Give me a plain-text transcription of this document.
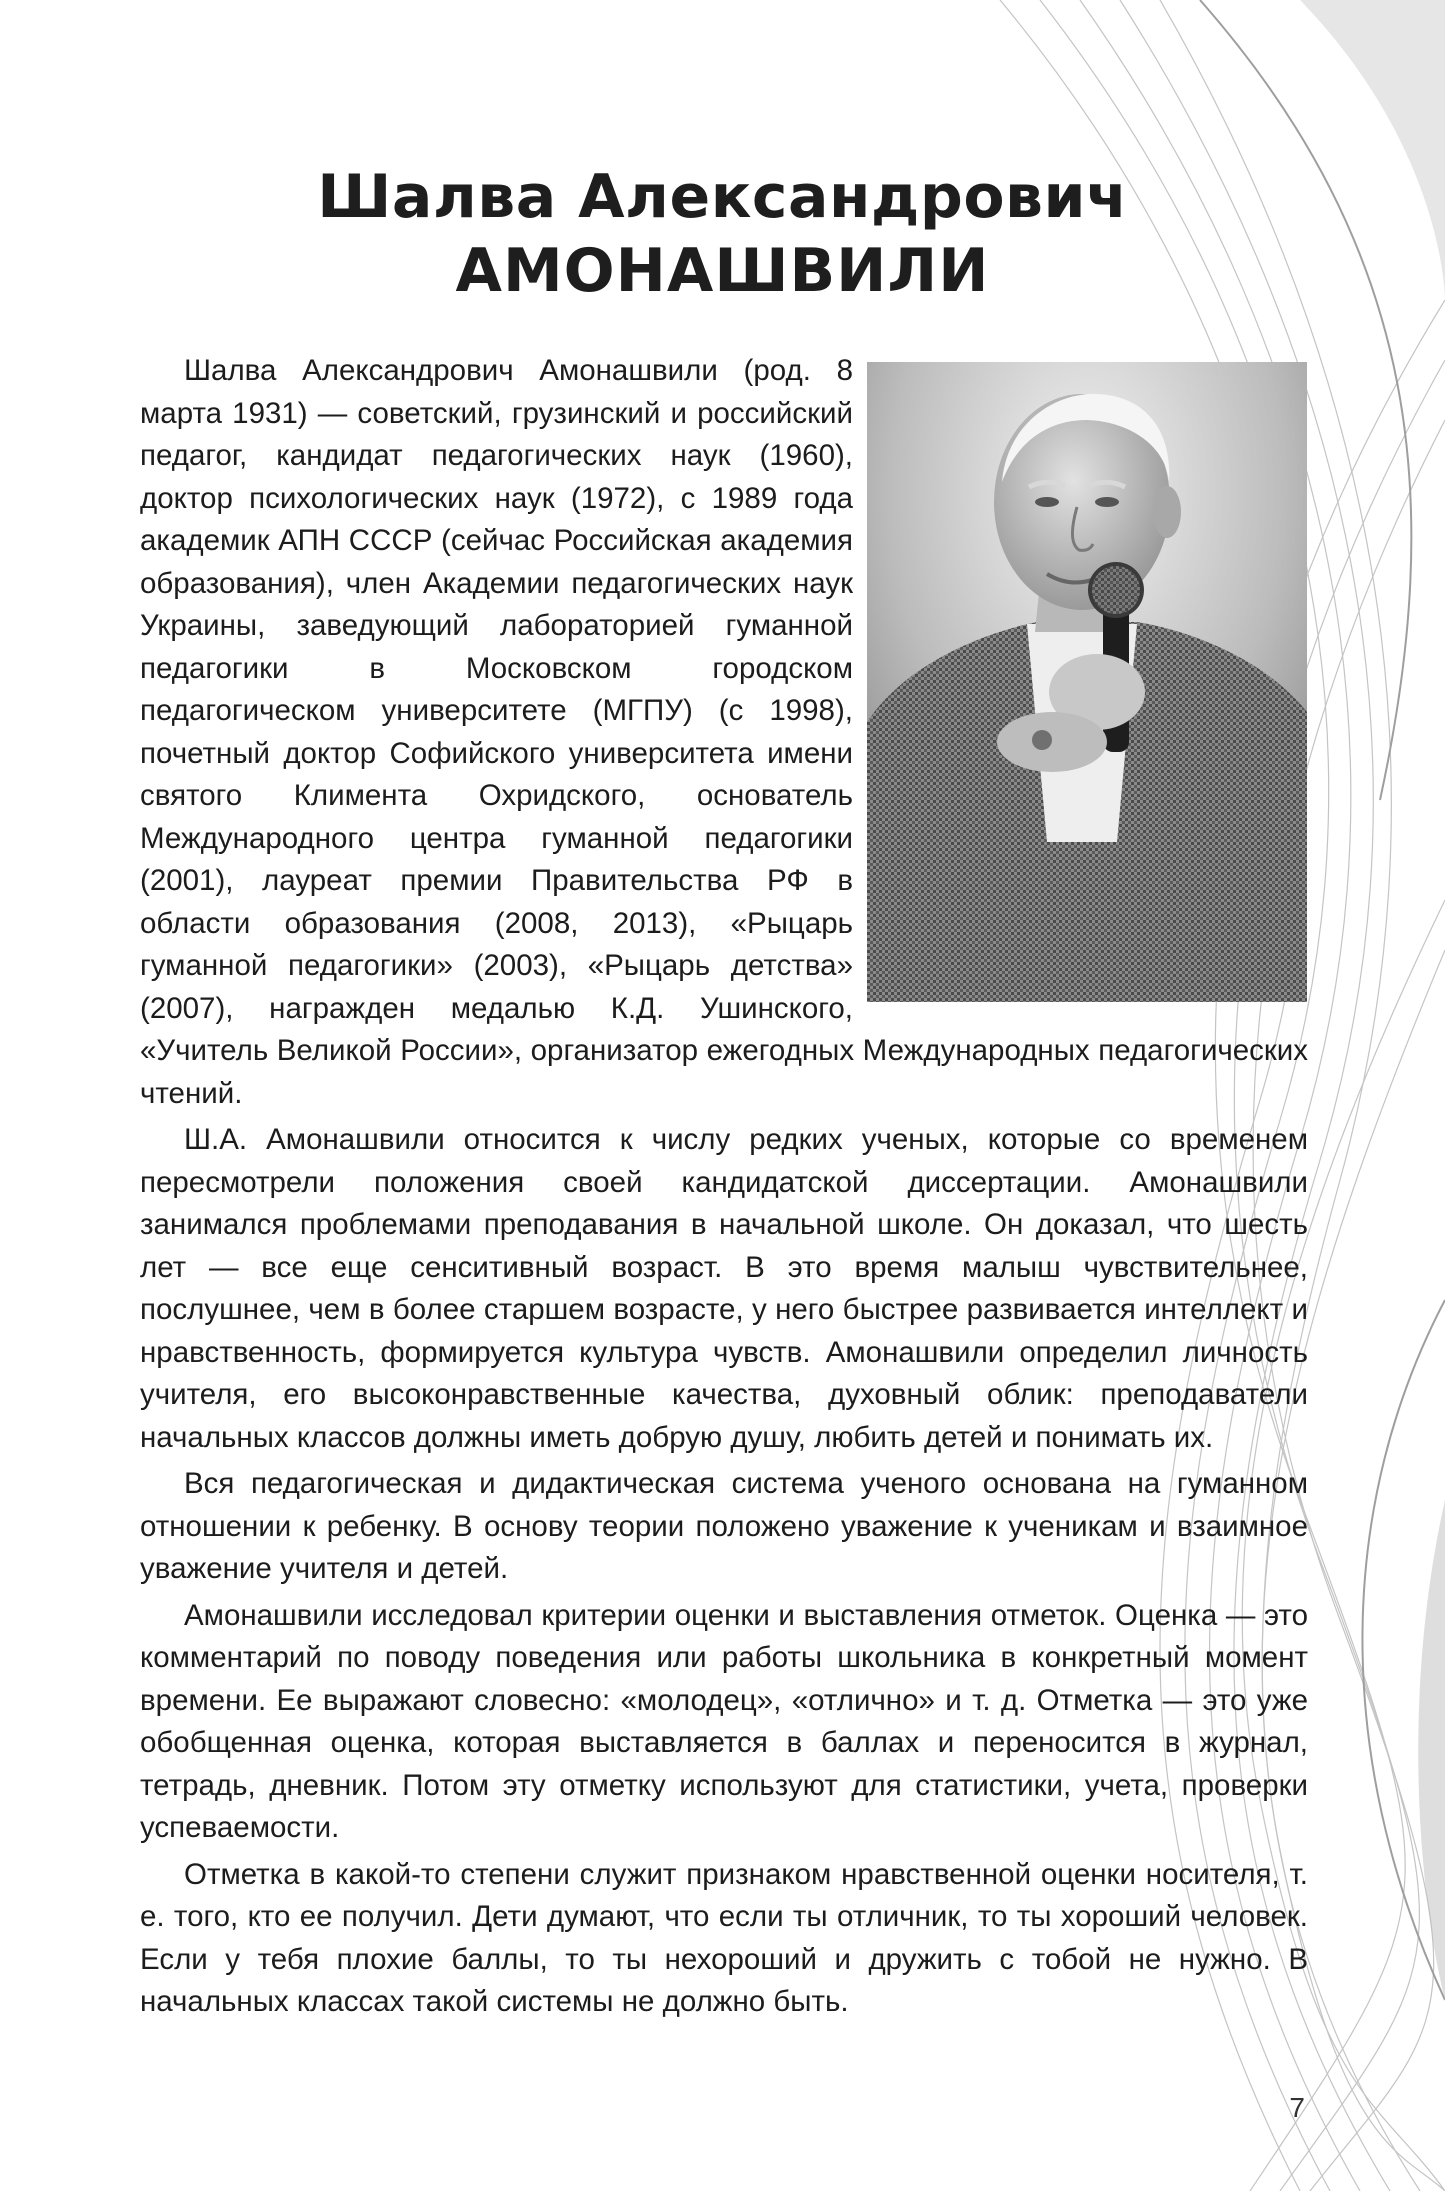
Шалва Александрович
АМОНАШВИЛИ

Шалва Александрович Амонашвили (род. 8 марта 1931) — советский, грузинский и российский педагог, кандидат педагогических наук (1960), доктор психологических наук (1972), с 1989 года академик АПН СССР (сейчас Российская академия образования), член Академии педагогических наук Украины, заведующий лабораторией гуманной педагогики в Московском городском педагогическом университете (МГПУ) (с 1998), почетный доктор Софийского университета имени святого Климента Охридского, основатель Международного центра гуманной педагогики (2001), лауреат премии Правительства РФ в области образования (2008, 2013), «Рыцарь гуманной педагогики» (2003), «Рыцарь детства» (2007), награжден медалью К.Д. Ушинского, «Учитель Великой России», организатор ежегодных Международных педагогических чтений.

Ш.А. Амонашвили относится к числу редких ученых, которые со временем пересмотрели положения своей кандидатской диссертации. Амонашвили занимался проблемами преподавания в начальной школе. Он доказал, что шесть лет — все еще сенситивный возраст. В это время малыш чувствительнее, послушнее, чем в более старшем возрасте, у него быстрее развивается интеллект и нравственность, формируется культура чувств. Амонашвили определил личность учителя, его высоконравственные качества, духовный облик: преподаватели начальных классов должны иметь добрую душу, любить детей и понимать их.

Вся педагогическая и дидактическая система ученого основана на гуманном отношении к ребенку. В основу теории положено уважение к ученикам и взаимное уважение учителя и детей.

Амонашвили исследовал критерии оценки и выставления отметок. Оценка — это комментарий по поводу поведения или работы школьника в конкретный момент времени. Ее выражают словесно: «молодец», «отлично» и т. д. Отметка — это уже обобщенная оценка, которая выставляется в баллах и переносится в журнал, тетрадь, дневник. Потом эту отметку используют для статистики, учета, проверки успеваемости.

Отметка в какой-то степени служит признаком нравственной оценки носителя, т. е. того, кто ее получил. Дети думают, что если ты отличник, то ты хороший человек. Если у тебя плохие баллы, то ты нехороший и дружить с тобой не нужно. В начальных классах такой системы не должно быть.

7
